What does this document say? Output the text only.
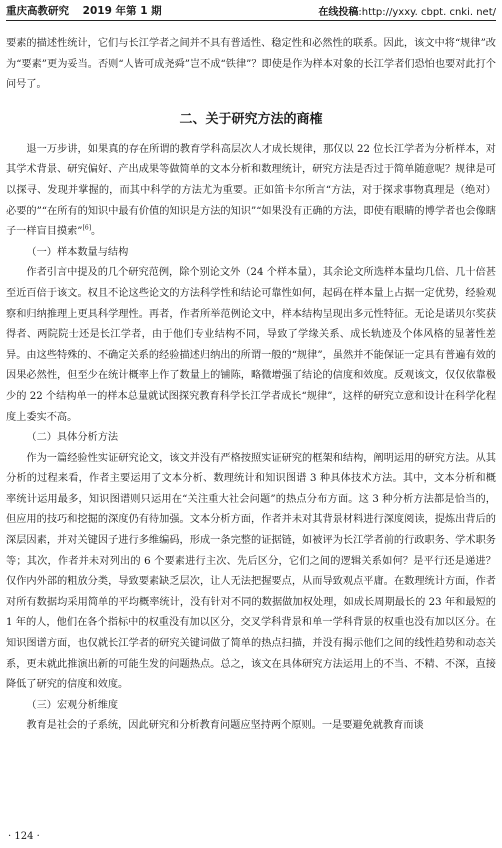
重庆高教研究 2019 年第 1 期	在线投稿:http://yxxy. cbpt. cnki. net/

要素的描述性统计，它们与长江学者之间并不具有普适性、稳定性和必然性的联系。因此，该文中将“规律”改为“要素”更为妥当。否则“人皆可成尧舜”岂不成“铁律”？即使是作为样本对象的长江学者们恐怕也要对此打个问号了。

二、关于研究方法的商榷

退一万步讲，如果真的存在所谓的教育学科高层次人才成长规律，那仅以 22 位长江学者为分析样本，对其学术背景、研究偏好、产出成果等做简单的文本分析和数理统计，研究方法是否过于简单随意呢？规律是可以探寻、发现并掌握的，而其中科学的方法尤为重要。正如笛卡尔所言“方法，对于探求事物真理是（绝对）必要的”“在所有的知识中最有价值的知识是方法的知识”“如果没有正确的方法，即使有眼睛的博学者也会像瞎子一样盲目摸索”[6]。

（一）样本数量与结构

作者引言中提及的几个研究范例，除个别论文外（24 个样本量），其余论文所选样本量均几倍、几十倍甚至近百倍于该文。权且不论这些论文的方法科学性和结论可靠性如何，起码在样本量上占据一定优势，经验观察和归纳推理上更具科学理性。再者，作者所举范例论文中，样本结构呈现出多元性特征。无论是诺贝尔奖获得者、两院院士还是长江学者，由于他们专业结构不同，导致了学缘关系、成长轨迹及个体风格的显著性差异。由这些特殊的、不确定关系的经验描述归纳出的所谓一般的“规律”，虽然并不能保证一定具有普遍有效的因果必然性，但至少在统计概率上作了数量上的铺陈，略微增强了结论的信度和效度。反观该文，仅仅依靠极少的 22 个结构单一的样本总量就试图探究教育科学长江学者成长“规律”，这样的研究立意和设计在科学化程度上委实不高。

（二）具体分析方法

作为一篇经验性实证研究论文，该文并没有严格按照实证研究的框架和结构，阐明运用的研究方法。从其分析的过程来看，作者主要运用了文本分析、数理统计和知识图谱 3 种具体技术方法。其中，文本分析和概率统计运用最多，知识图谱则只运用在“关注重大社会问题”的热点分布方面。这 3 种分析方法都是恰当的，但应用的技巧和挖掘的深度仍有待加强。文本分析方面，作者并未对其背景材料进行深度阅读，提炼出背后的深层因素，并对关键因子进行多维编码，形成一条完整的证据链，如被评为长江学者前的行政职务、学术职务等；其次，作者并未对列出的 6 个要素进行主次、先后区分，它们之间的逻辑关系如何？是平行还是递进？仅作内外部的粗放分类，导致要素缺乏层次，让人无法把握要点，从而导致观点平庸。在数理统计方面，作者对所有数据均采用简单的平均概率统计，没有针对不同的数据做加权处理，如成长周期最长的 23 年和最短的 1 年的人，他们在各个指标中的权重没有加以区分，交叉学科背景和单一学科背景的权重也没有加以区分。在知识图谱方面，也仅就长江学者的研究关键词做了简单的热点扫描，并没有揭示他们之间的线性趋势和动态关系，更未就此推演出新的可能生发的问题热点。总之，该文在具体研究方法运用上的不当、不精、不深，直接降低了研究的信度和效度。

（三）宏观分析维度

教育是社会的子系统，因此研究和分析教育问题应坚持两个原则。一是要避免就教育而谈

· 124 ·
